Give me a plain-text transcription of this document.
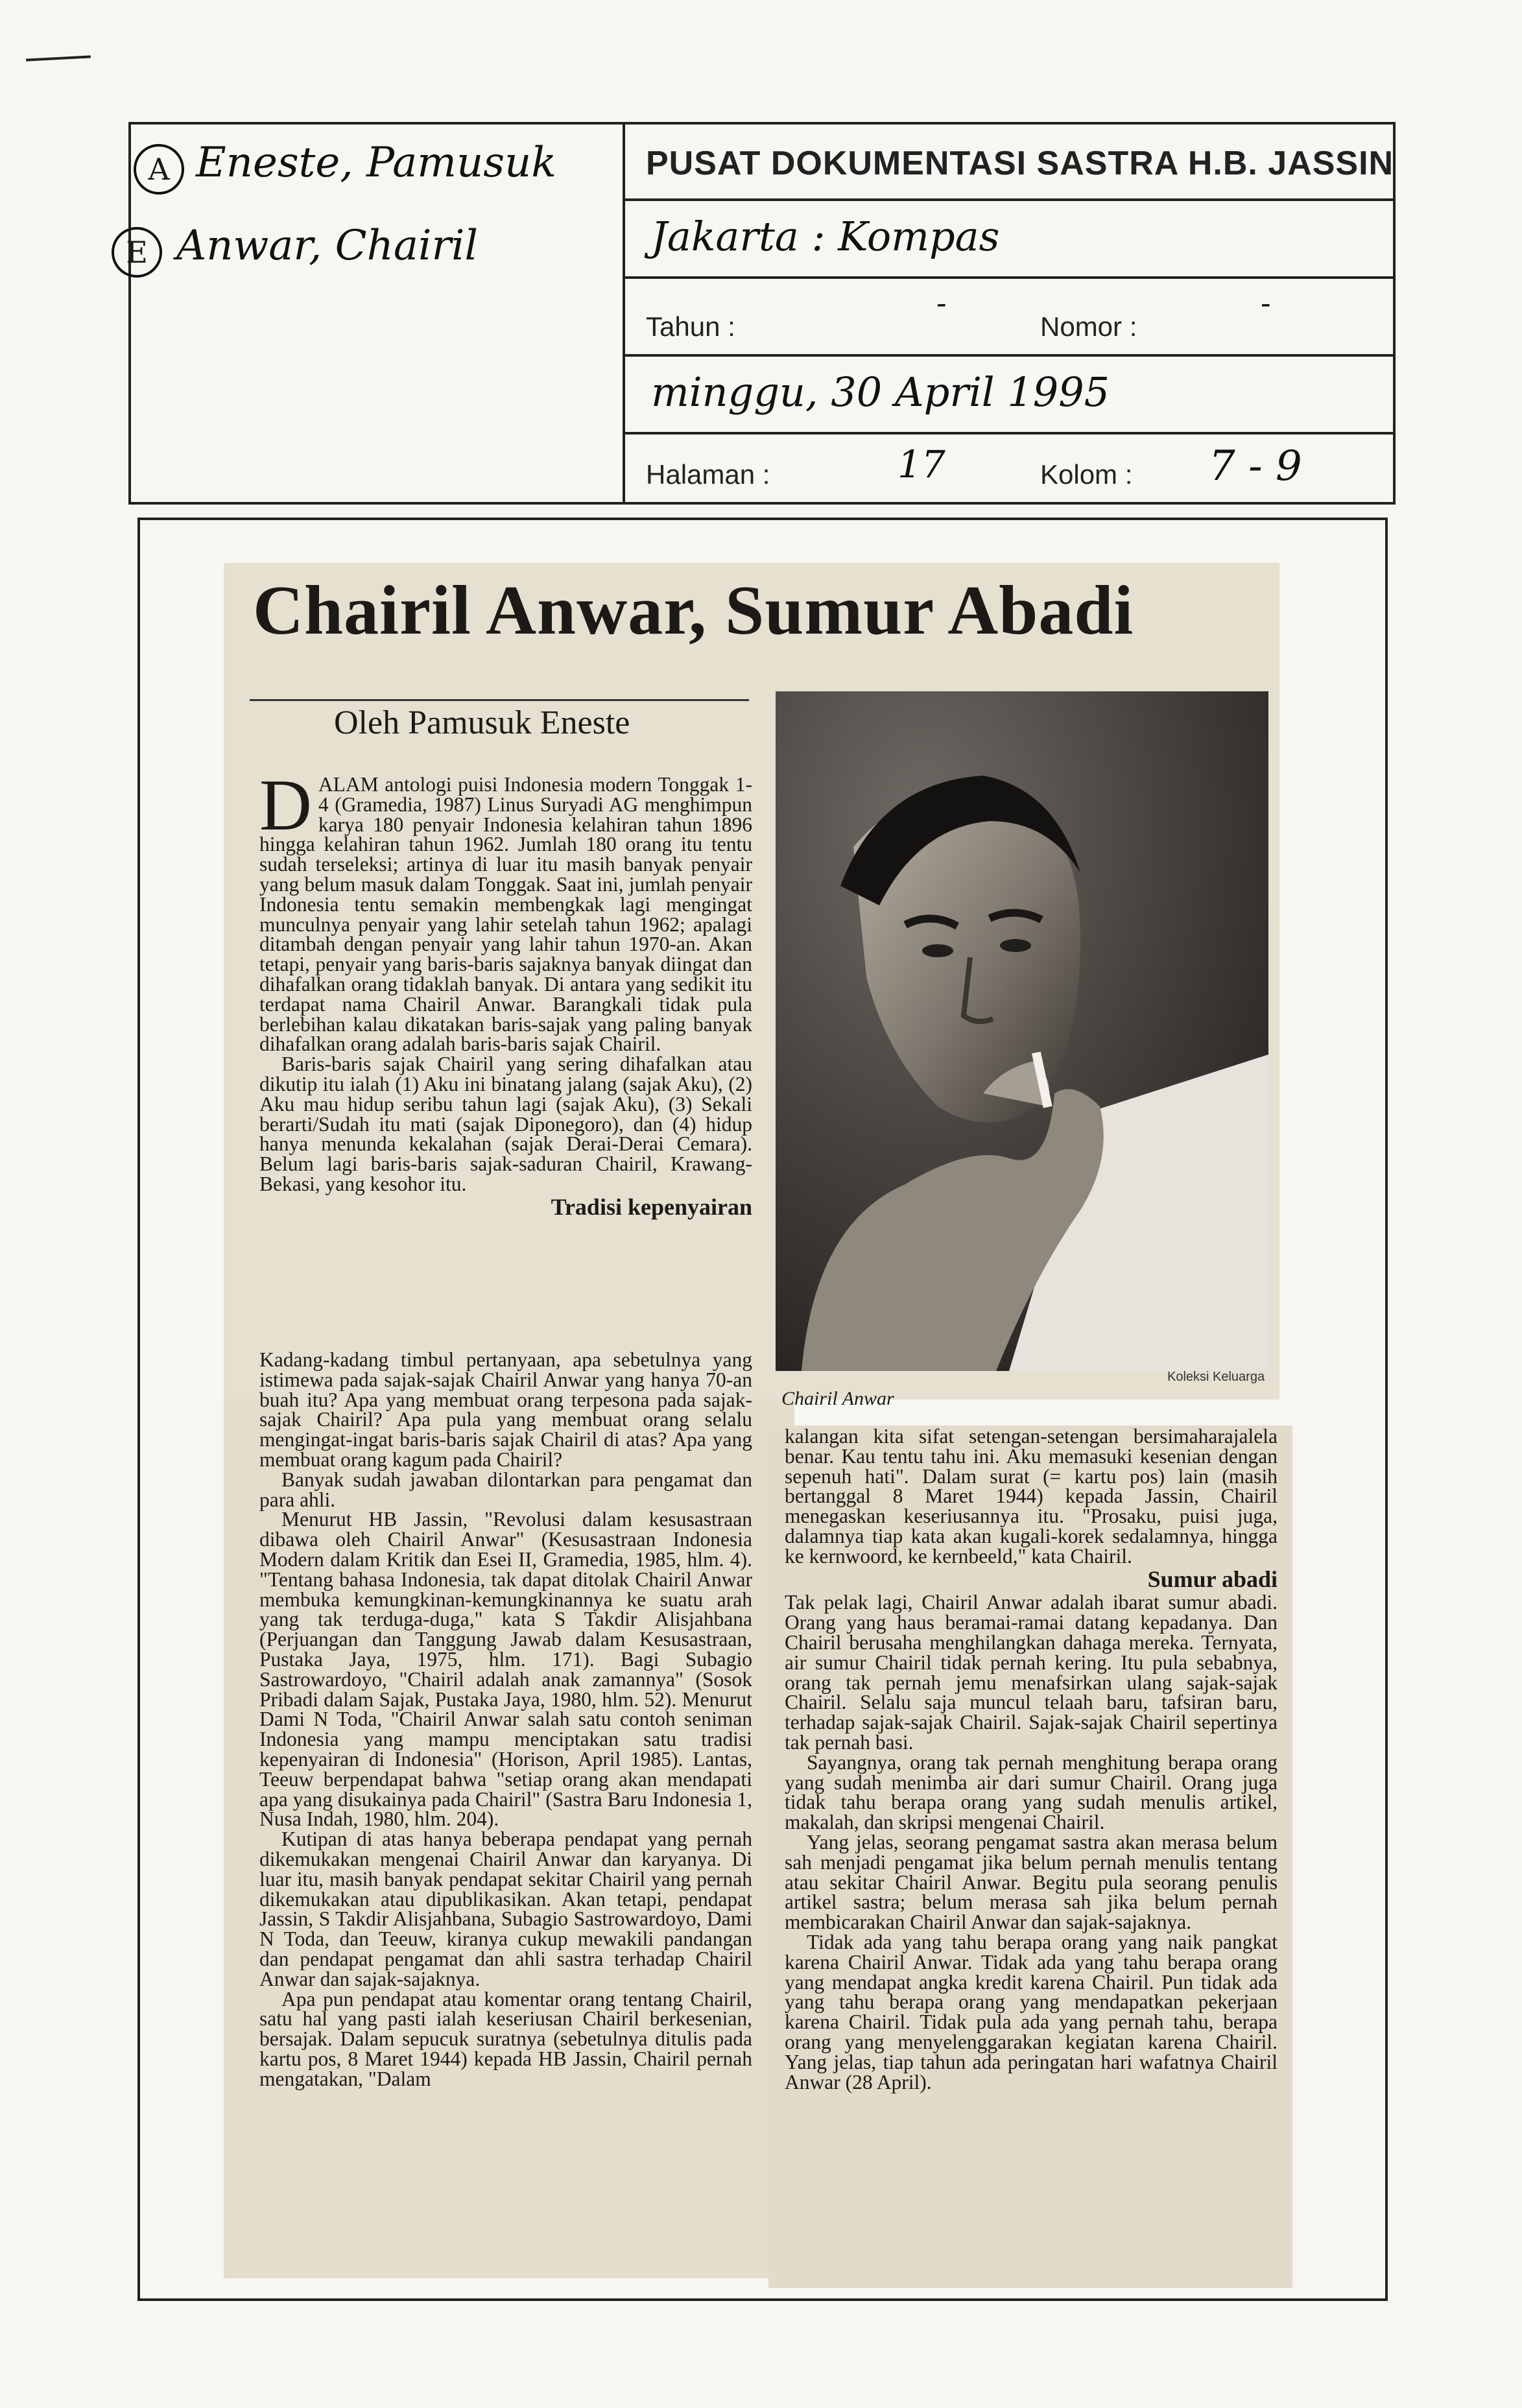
A Eneste, Pamusuk
E Anwar, Chairil
PUSAT DOKUMENTASI SASTRA H.B. JASSIN
Jakarta : Kompas
Tahun :
-
Nomor :
-
minggu, 30 April 1995
Halaman :	17	Kolom : 7 - 9
Chairil Anwar, Sumur Abadi
Oleh Pamusuk Eneste

DALAM antologi puisi Indonesia modern Tonggak 1-4 (Gramedia, 1987) Linus Suryadi AG menghimpun karya 180 penyair Indonesia kelahiran tahun 1896 hingga kelahiran tahun 1962. Jumlah 180 orang itu tentu sudah terseleksi; artinya di luar itu masih banyak penyair yang belum masuk dalam Tonggak. Saat ini, jumlah penyair Indonesia tentu semakin membengkak lagi mengingat munculnya penyair yang lahir setelah tahun 1962; apalagi ditambah dengan penyair yang lahir tahun 1970-an. Akan tetapi, penyair yang baris-baris sajaknya banyak diingat dan dihafalkan orang tidaklah banyak. Di antara yang sedikit itu terdapat nama Chairil Anwar. Barangkali tidak pula berlebihan kalau dikatakan baris-sajak yang paling banyak dihafalkan orang adalah baris-baris sajak Chairil.

Baris-baris sajak Chairil yang sering dihafalkan atau dikutip itu ialah (1) Aku ini binatang jalang (sajak Aku), (2) Aku mau hidup seribu tahun lagi (sajak Aku), (3) Sekali berarti/Sudah itu mati (sajak Diponegoro), dan (4) hidup hanya menunda kekalahan (sajak Derai-Derai Cemara). Belum lagi baris-baris sajak-saduran Chairil, Krawang-Bekasi, yang kesohor itu.

Tradisi kepenyairan

Kadang-kadang timbul pertanyaan, apa sebetulnya yang istimewa pada sajak-sajak Chairil Anwar yang hanya 70-an buah itu? Apa yang membuat orang terpesona pada sajak-sajak Chairil? Apa pula yang membuat orang selalu mengingat-ingat baris-baris sajak Chairil di atas? Apa yang membuat orang kagum pada Chairil?

Banyak sudah jawaban dilontarkan para pengamat dan para ahli.

Menurut HB Jassin, "Revolusi dalam kesusastraan dibawa oleh Chairil Anwar" (Kesusastraan Indonesia Modern dalam Kritik dan Esei II, Gramedia, 1985, hlm. 4). "Tentang bahasa Indonesia, tak dapat ditolak Chairil Anwar membuka kemungkinan-kemungkinannya ke suatu arah yang tak terduga-duga," kata S Takdir Alisjahbana (Perjuangan dan Tanggung Jawab dalam Kesusastraan, Pustaka Jaya, 1975, hlm. 171). Bagi Subagio Sastrowardoyo, "Chairil adalah anak zamannya" (Sosok Pribadi dalam Sajak, Pustaka Jaya, 1980, hlm. 52). Menurut Dami N Toda, "Chairil Anwar salah satu contoh seniman Indonesia yang mampu menciptakan satu tradisi kepenyairan di Indonesia" (Horison, April 1985). Lantas, Teeuw berpendapat bahwa "setiap orang akan mendapati apa yang disukainya pada Chairil" (Sastra Baru Indonesia 1, Nusa Indah, 1980, hlm. 204).

Kutipan di atas hanya beberapa pendapat yang pernah dikemukakan mengenai Chairil Anwar dan karyanya. Di luar itu, masih banyak pendapat sekitar Chairil yang pernah dikemukakan atau dipublikasikan. Akan tetapi, pendapat Jassin, S Takdir Alisjahbana, Subagio Sastrowardoyo, Dami N Toda, dan Teeuw, kiranya cukup mewakili pandangan dan pendapat pengamat dan ahli sastra terhadap Chairil Anwar dan sajak-sajaknya.

Apa pun pendapat atau komentar orang tentang Chairil, satu hal yang pasti ialah keseriusan Chairil berkesenian, bersajak. Dalam sepucuk suratnya (sebetulnya ditulis pada kartu pos, 8 Maret 1944) kepada HB Jassin, Chairil pernah mengatakan, "Dalam

Koleksi Keluarga
Chairil Anwar

kalangan kita sifat setengan-setengan bersimaharajalela benar. Kau tentu tahu ini. Aku memasuki kesenian dengan sepenuh hati". Dalam surat (= kartu pos) lain (masih bertanggal 8 Maret 1944) kepada Jassin, Chairil menegaskan keseriusannya itu. "Prosaku, puisi juga, dalamnya tiap kata akan kugali-korek sedalamnya, hingga ke kernwoord, ke kernbeeld," kata Chairil.

Sumur abadi

Tak pelak lagi, Chairil Anwar adalah ibarat sumur abadi. Orang yang haus beramai-ramai datang kepadanya. Dan Chairil berusaha menghilangkan dahaga mereka. Ternyata, air sumur Chairil tidak pernah kering. Itu pula sebabnya, orang tak pernah jemu menafsirkan ulang sajak-sajak Chairil. Selalu saja muncul telaah baru, tafsiran baru, terhadap sajak-sajak Chairil. Sajak-sajak Chairil sepertinya tak pernah basi.

Sayangnya, orang tak pernah menghitung berapa orang yang sudah menimba air dari sumur Chairil. Orang juga tidak tahu berapa orang yang sudah menulis artikel, makalah, dan skripsi mengenai Chairil.

Yang jelas, seorang pengamat sastra akan merasa belum sah menjadi pengamat jika belum pernah menulis tentang atau sekitar Chairil Anwar. Begitu pula seorang penulis artikel sastra; belum merasa sah jika belum pernah membicarakan Chairil Anwar dan sajak-sajaknya.

Tidak ada yang tahu berapa orang yang naik pangkat karena Chairil Anwar. Tidak ada yang tahu berapa orang yang mendapat angka kredit karena Chairil. Pun tidak ada yang tahu berapa orang yang mendapatkan pekerjaan karena Chairil. Tidak pula ada yang pernah tahu, berapa orang yang menyelenggarakan kegiatan karena Chairil. Yang jelas, tiap tahun ada peringatan hari wafatnya Chairil Anwar (28 April).
